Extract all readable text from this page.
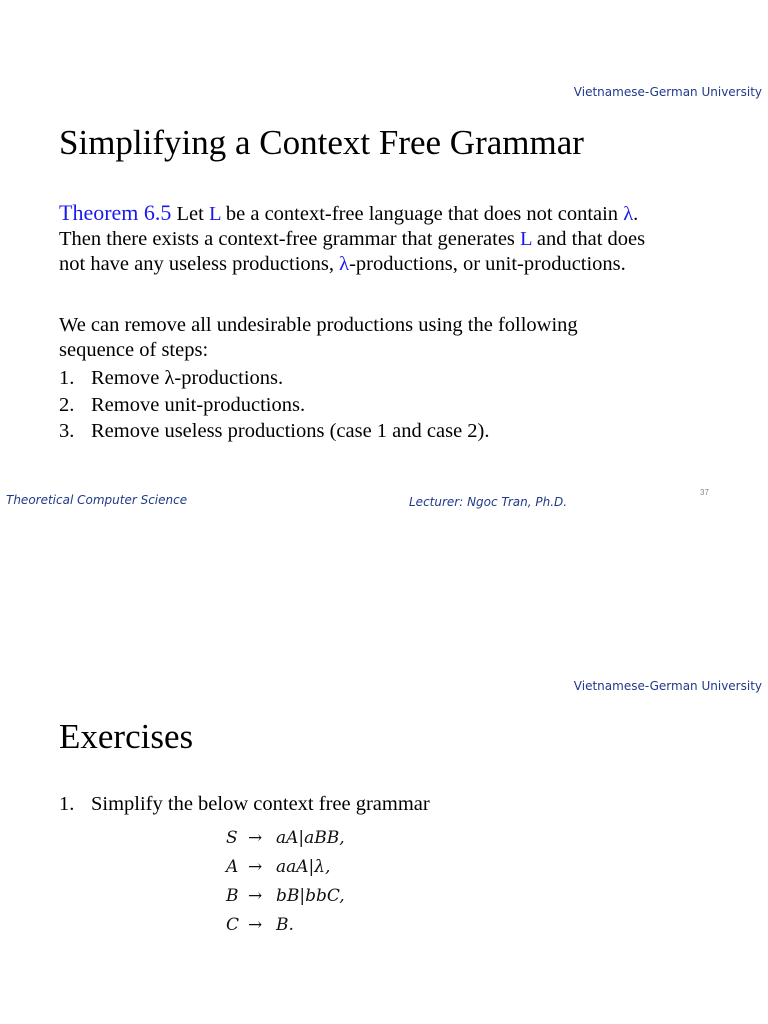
Vietnamese-German University
Simplifying a Context Free Grammar
Theorem 6.5 Let L be a context-free language that does not contain λ.
Then there exists a context-free grammar that generates L and that does
not have any useless productions, λ-productions, or unit-productions.
We can remove all undesirable productions using the following
sequence of steps:
1. Remove λ-productions.
2. Remove unit-productions.
3. Remove useless productions (case 1 and case 2).
Theoretical Computer Science	Lecturer: Ngoc Tran, Ph.D.
37
Vietnamese-German University
Exercises
1. Simplify the below context free grammar
S → aA|aBB,
A → aaA|λ,
B → bB|bbC,
C → B.
